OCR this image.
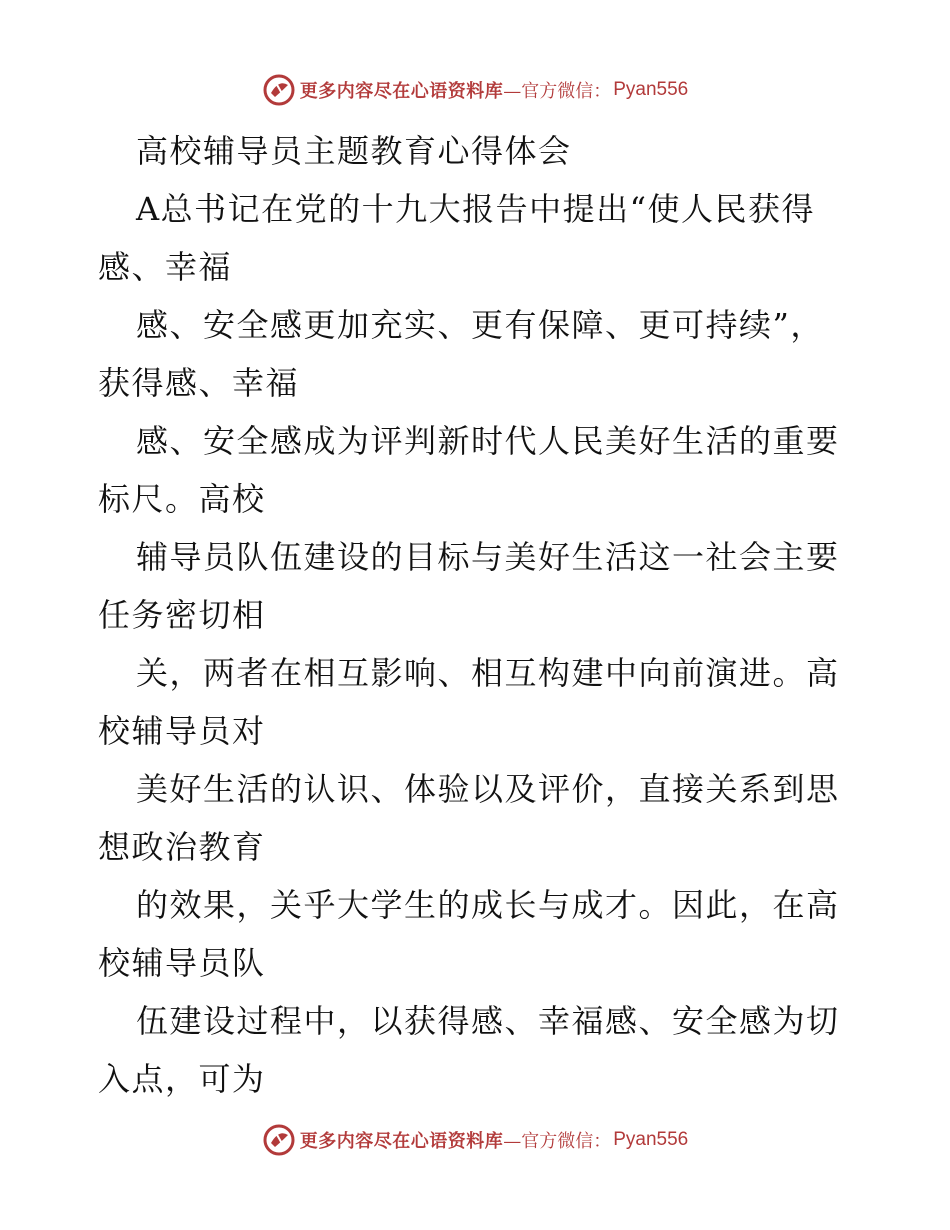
更多内容尽在心语资料库 —官方微信： Pyan556
高校辅导员主题教育心得体会
A总书记在党的十九大报告中提出“使人民获得
感、幸福
感、安全感更加充实、更有保障、更可持续”，
获得感、幸福
感、安全感成为评判新时代人民美好生活的重要
标尺。高校
辅导员队伍建设的目标与美好生活这一社会主要
任务密切相
关，两者在相互影响、相互构建中向前演进。高
校辅导员对
美好生活的认识、体验以及评价，直接关系到思
想政治教育
的效果，关乎大学生的成长与成才。因此，在高
校辅导员队
伍建设过程中，以获得感、幸福感、安全感为切
入点，可为
更多内容尽在心语资料库 —官方微信： Pyan556
